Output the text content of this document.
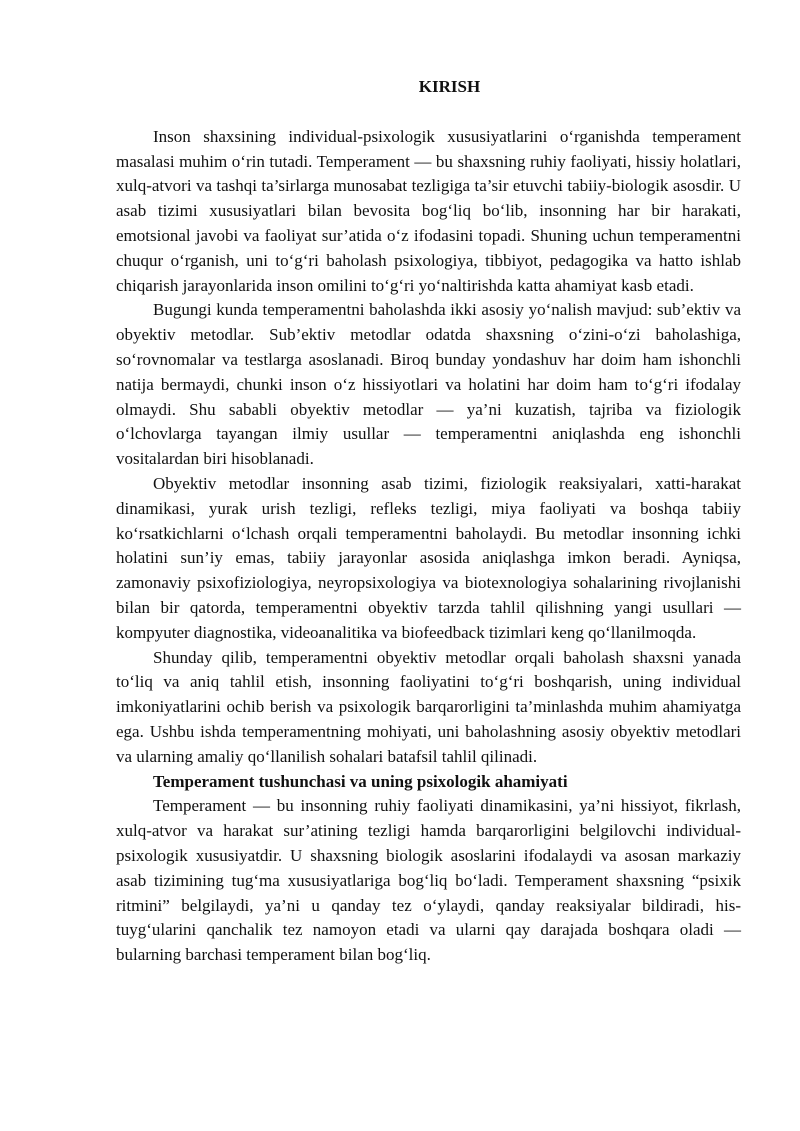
KIRISH

Inson shaxsining individual-psixologik xususiyatlarini o‘rganishda temperament masalasi muhim o‘rin tutadi. Temperament — bu shaxsning ruhiy faoliyati, hissiy holatlari, xulq-atvori va tashqi ta’sirlarga munosabat tezligiga ta’sir etuvchi tabiiy-biologik asosdir. U asab tizimi xususiyatlari bilan bevosita bog‘liq bo‘lib, insonning har bir harakati, emotsional javobi va faoliyat sur’atida o‘z ifodasini topadi. Shuning uchun temperamentni chuqur o‘rganish, uni to‘g‘ri baholash psixologiya, tibbiyot, pedagogika va hatto ishlab chiqarish jarayonlarida inson omilini to‘g‘ri yo‘naltirishda katta ahamiyat kasb etadi.

Bugungi kunda temperamentni baholashda ikki asosiy yo‘nalish mavjud: sub’ektiv va obyektiv metodlar. Sub’ektiv metodlar odatda shaxsning o‘zini-o‘zi baholashiga, so‘rovnomalar va testlarga asoslanadi. Biroq bunday yondashuv har doim ham ishonchli natija bermaydi, chunki inson o‘z hissiyotlari va holatini har doim ham to‘g‘ri ifodalay olmaydi. Shu sababli obyektiv metodlar — ya’ni kuzatish, tajriba va fiziologik o‘lchovlarga tayangan ilmiy usullar — temperamentni aniqlashda eng ishonchli vositalardan biri hisoblanadi.

Obyektiv metodlar insonning asab tizimi, fiziologik reaksiyalari, xatti-harakat dinamikasi, yurak urish tezligi, refleks tezligi, miya faoliyati va boshqa tabiiy ko‘rsatkichlarni o‘lchash orqali temperamentni baholaydi. Bu metodlar insonning ichki holatini sun’iy emas, tabiiy jarayonlar asosida aniqlashga imkon beradi. Ayniqsa, zamonaviy psixofiziologiya, neyropsixologiya va biotexnologiya sohalarining rivojlanishi bilan bir qatorda, temperamentni obyektiv tarzda tahlil qilishning yangi usullari — kompyuter diagnostika, videoanalitika va biofeedback tizimlari keng qo‘llanilmoqda.

Shunday qilib, temperamentni obyektiv metodlar orqali baholash shaxsni yanada to‘liq va aniq tahlil etish, insonning faoliyatini to‘g‘ri boshqarish, uning individual imkoniyatlarini ochib berish va psixologik barqarorligini ta’minlashda muhim ahamiyatga ega. Ushbu ishda temperamentning mohiyati, uni baholashning asosiy obyektiv metodlari va ularning amaliy qo‘llanilish sohalari batafsil tahlil qilinadi.

Temperament tushunchasi va uning psixologik ahamiyati

Temperament — bu insonning ruhiy faoliyati dinamikasini, ya’ni hissiyot, fikrlash, xulq-atvor va harakat sur’atining tezligi hamda barqarorligini belgilovchi individual-psixologik xususiyatdir. U shaxsning biologik asoslarini ifodalaydi va asosan markaziy asab tizimining tug‘ma xususiyatlariga bog‘liq bo‘ladi. Temperament shaxsning “psixik ritmini” belgilaydi, ya’ni u qanday tez o‘ylaydi, qanday reaksiyalar bildiradi, his-tuyg‘ularini qanchalik tez namoyon etadi va ularni qay darajada boshqara oladi — bularning barchasi temperament bilan bog‘liq.
